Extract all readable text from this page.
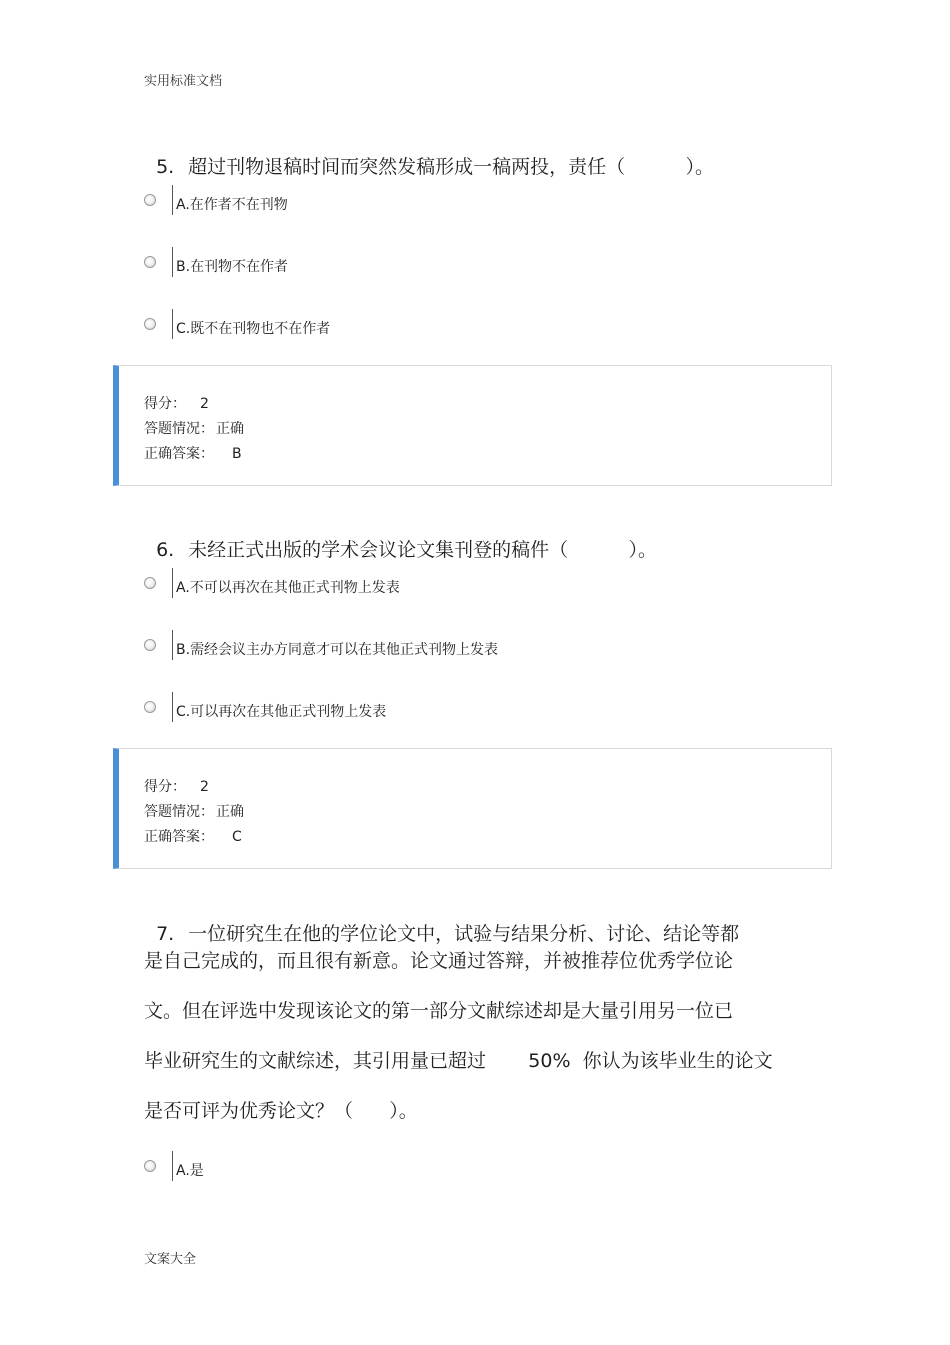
实用标准文档

5. 超过刊物退稿时间而突然发稿形成一稿两投，责任（          ）。

A.在作者不在刊物
B.在刊物不在作者
C.既不在刊物也不在作者
得分： 2
答题情况： 正确
正确答案： B

6. 未经正式出版的学术会议论文集刊登的稿件（          ）。

A.不可以再次在其他正式刊物上发表
B.需经会议主办方同意才可以在其他正式刊物上发表
C.可以再次在其他正式刊物上发表
得分： 2
答题情况： 正确
正确答案： C

7. 一位研究生在他的学位论文中，试验与结果分析、讨论、结论等都

是自己完成的，而且很有新意。论文通过答辩，并被推荐位优秀学位论
文。但在评选中发现该论文的第一部分文献综述却是大量引用另一位已
毕业研究生的文献综述，其引用量已超过       50%  你认为该毕业生的论文
是否可评为优秀论文？（      ）。
A.是
文案大全
